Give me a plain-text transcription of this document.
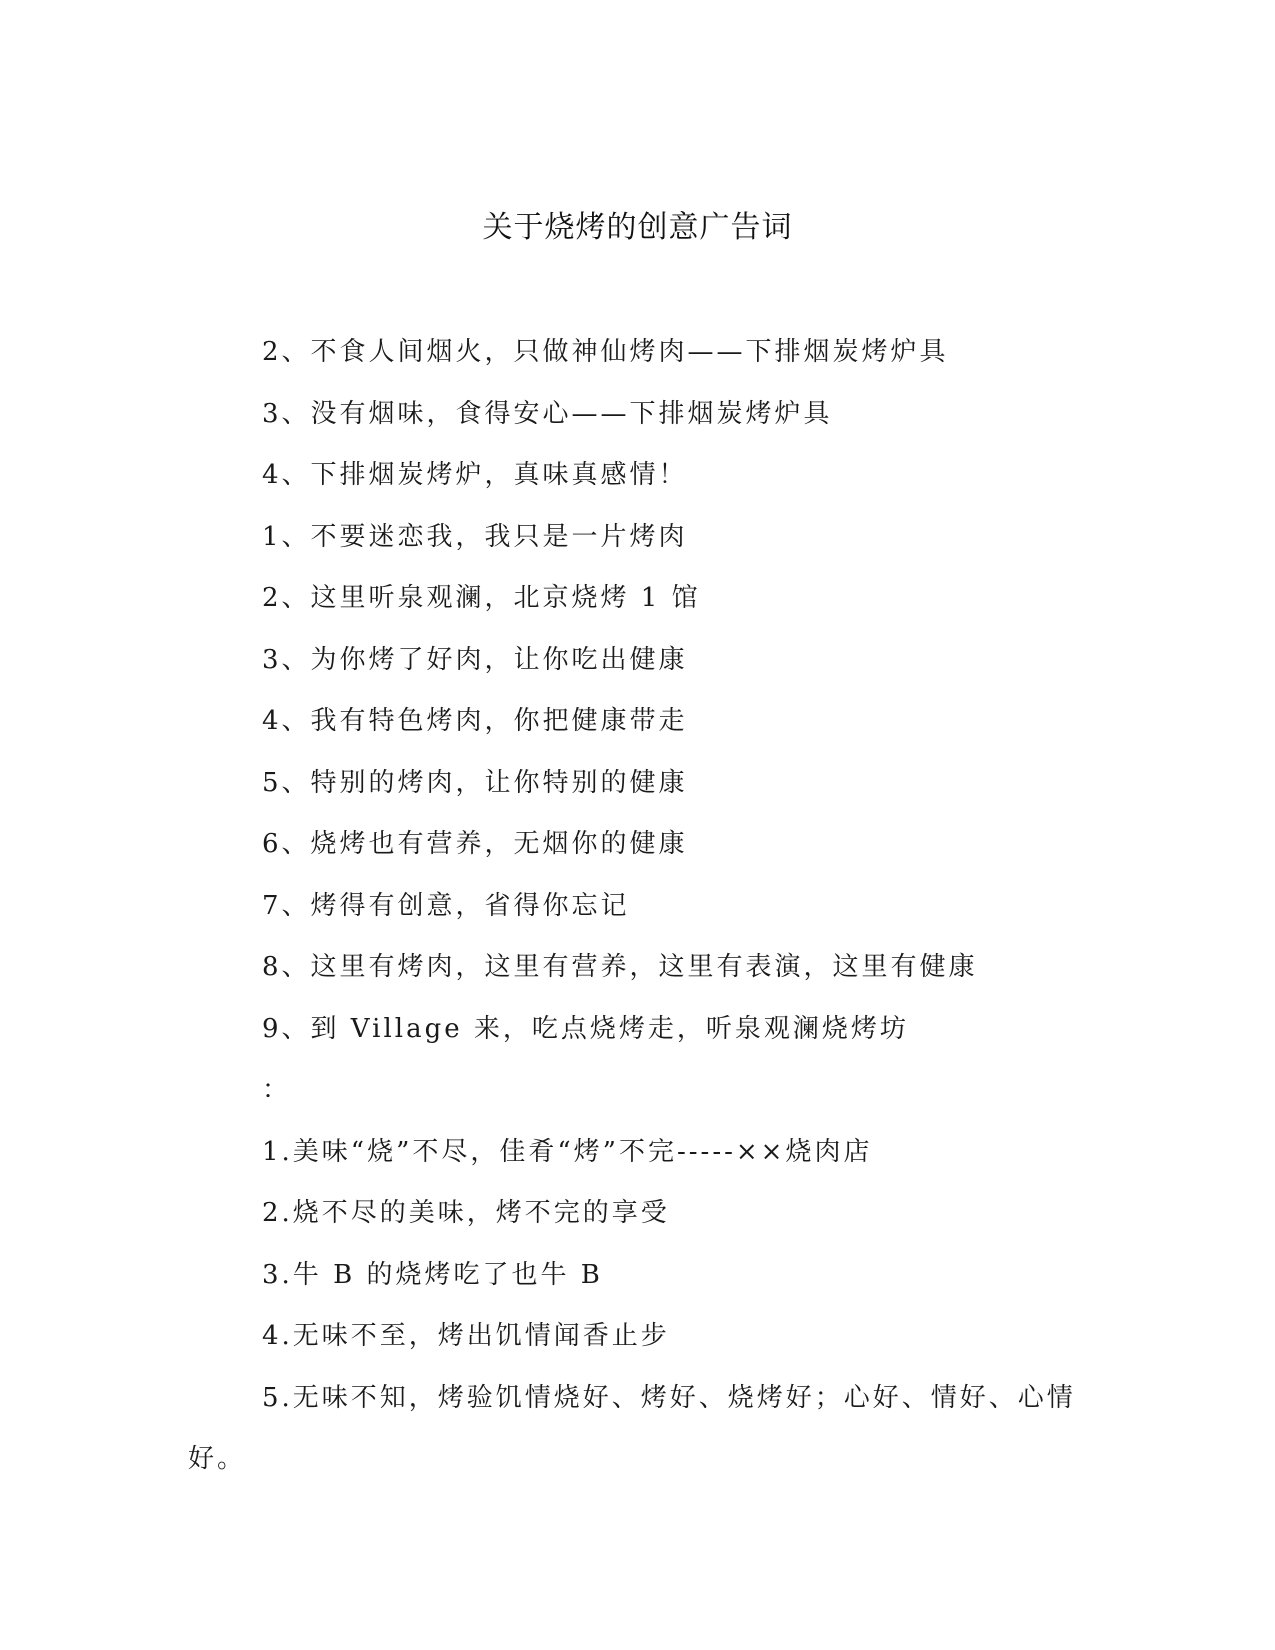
关于烧烤的创意广告词
2、不食人间烟火，只做神仙烤肉——下排烟炭烤炉具
3、没有烟味，食得安心——下排烟炭烤炉具
4、下排烟炭烤炉，真味真感情！
1、不要迷恋我，我只是一片烤肉
2、这里听泉观澜，北京烧烤 1 馆
3、为你烤了好肉，让你吃出健康
4、我有特色烤肉，你把健康带走
5、特别的烤肉，让你特别的健康
6、烧烤也有营养，无烟你的健康
7、烤得有创意，省得你忘记
8、这里有烤肉，这里有营养，这里有表演，这里有健康
9、到 Village 来，吃点烧烤走，听泉观澜烧烤坊
：
1.美味“烧”不尽，佳肴“烤”不完-----××烧肉店
2.烧不尽的美味，烤不完的享受
3.牛 B 的烧烤吃了也牛 B
4.无味不至，烤出饥情闻香止步
5.无味不知，烤验饥情烧好、烤好、烧烤好；心好、情好、心情
好。
